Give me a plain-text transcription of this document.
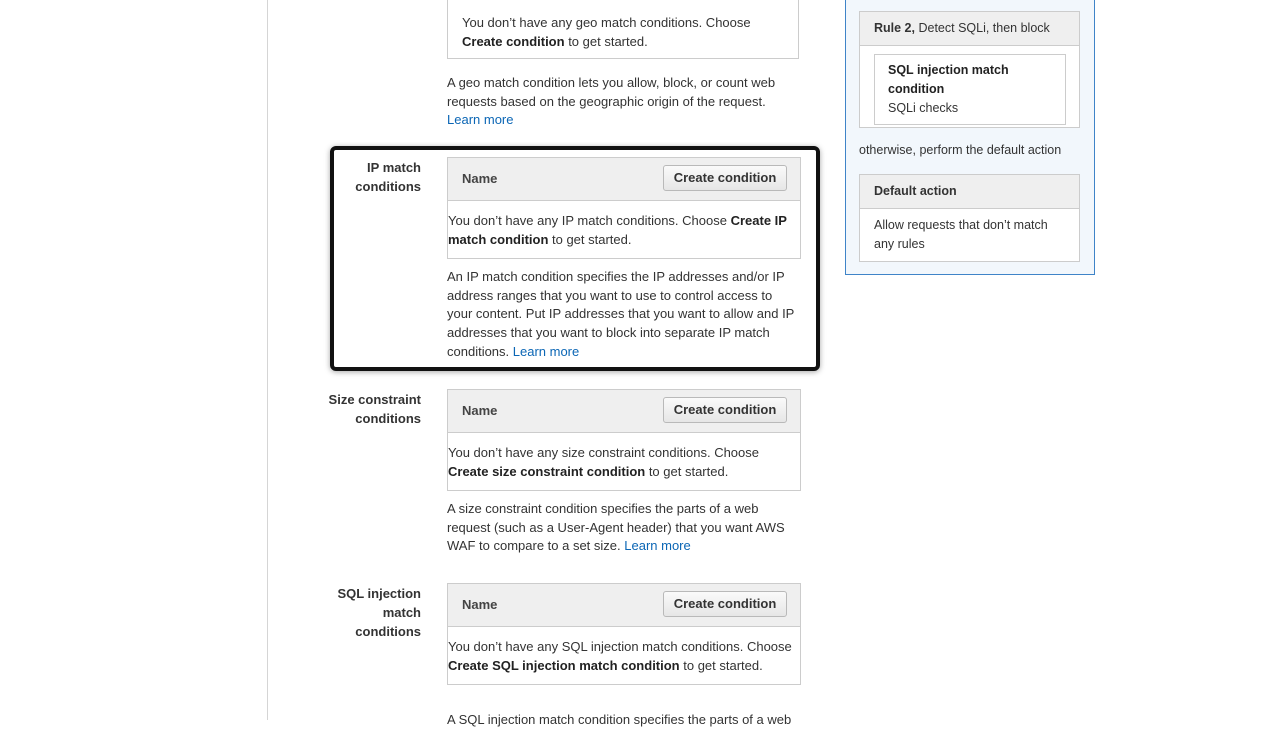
You don’t have any geo match conditions. Choose Create condition to get started.
A geo match condition lets you allow, block, or count web requests based on the geographic origin of the request. Learn more
IP match conditions
Name	Create condition
You don’t have any IP match conditions. Choose Create IP match condition to get started.
An IP match condition specifies the IP addresses and/or IP address ranges that you want to use to control access to your content. Put IP addresses that you want to allow and IP addresses that you want to block into separate IP match conditions. Learn more
Size constraint conditions
Name	Create condition
You don’t have any size constraint conditions. Choose Create size constraint condition to get started.
A size constraint condition specifies the parts of a web request (such as a User-Agent header) that you want AWS WAF to compare to a set size. Learn more
SQL injection match conditions
Name	Create condition
You don’t have any SQL injection match conditions. Choose Create SQL injection match condition to get started.
A SQL injection match condition specifies the parts of a web
Rule 2, Detect SQLi, then block
SQL injection match condition
SQLi checks
otherwise, perform the default action
Default action
Allow requests that don’t match any rules
